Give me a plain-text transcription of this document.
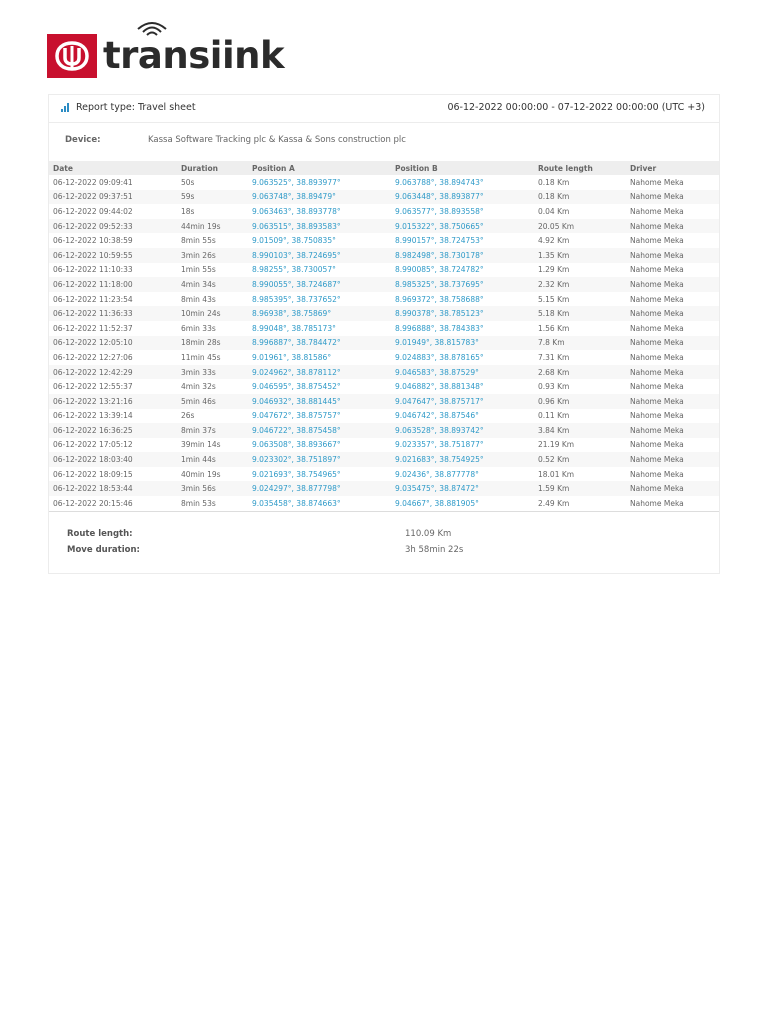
transiink
Report type: Travel sheet	06-12-2022 00:00:00 - 07-12-2022 00:00:00 (UTC +3)
Device:	Kassa Software Tracking plc & Kassa & Sons construction plc
Date	Duration	Position A	Position B	Route length	Driver
06-12-2022 09:09:41	50s	9.063525°, 38.893977°	9.063788°, 38.894743°	0.18 Km	Nahome Meka
06-12-2022 09:37:51	59s	9.063748°, 38.89479°	9.063448°, 38.893877°	0.18 Km	Nahome Meka
06-12-2022 09:44:02	18s	9.063463°, 38.893778°	9.063577°, 38.893558°	0.04 Km	Nahome Meka
06-12-2022 09:52:33	44min 19s	9.063515°, 38.893583°	9.015322°, 38.750665°	20.05 Km	Nahome Meka
06-12-2022 10:38:59	8min 55s	9.01509°, 38.750835°	8.990157°, 38.724753°	4.92 Km	Nahome Meka
06-12-2022 10:59:55	3min 26s	8.990103°, 38.724695°	8.982498°, 38.730178°	1.35 Km	Nahome Meka
06-12-2022 11:10:33	1min 55s	8.98255°, 38.730057°	8.990085°, 38.724782°	1.29 Km	Nahome Meka
06-12-2022 11:18:00	4min 34s	8.990055°, 38.724687°	8.985325°, 38.737695°	2.32 Km	Nahome Meka
06-12-2022 11:23:54	8min 43s	8.985395°, 38.737652°	8.969372°, 38.758688°	5.15 Km	Nahome Meka
06-12-2022 11:36:33	10min 24s	8.96938°, 38.75869°	8.990378°, 38.785123°	5.18 Km	Nahome Meka
06-12-2022 11:52:37	6min 33s	8.99048°, 38.785173°	8.996888°, 38.784383°	1.56 Km	Nahome Meka
06-12-2022 12:05:10	18min 28s	8.996887°, 38.784472°	9.01949°, 38.815783°	7.8 Km	Nahome Meka
06-12-2022 12:27:06	11min 45s	9.01961°, 38.81586°	9.024883°, 38.878165°	7.31 Km	Nahome Meka
06-12-2022 12:42:29	3min 33s	9.024962°, 38.878112°	9.046583°, 38.87529°	2.68 Km	Nahome Meka
06-12-2022 12:55:37	4min 32s	9.046595°, 38.875452°	9.046882°, 38.881348°	0.93 Km	Nahome Meka
06-12-2022 13:21:16	5min 46s	9.046932°, 38.881445°	9.047647°, 38.875717°	0.96 Km	Nahome Meka
06-12-2022 13:39:14	26s	9.047672°, 38.875757°	9.046742°, 38.87546°	0.11 Km	Nahome Meka
06-12-2022 16:36:25	8min 37s	9.046722°, 38.875458°	9.063528°, 38.893742°	3.84 Km	Nahome Meka
06-12-2022 17:05:12	39min 14s	9.063508°, 38.893667°	9.023357°, 38.751877°	21.19 Km	Nahome Meka
06-12-2022 18:03:40	1min 44s	9.023302°, 38.751897°	9.021683°, 38.754925°	0.52 Km	Nahome Meka
06-12-2022 18:09:15	40min 19s	9.021693°, 38.754965°	9.02436°, 38.877778°	18.01 Km	Nahome Meka
06-12-2022 18:53:44	3min 56s	9.024297°, 38.877798°	9.035475°, 38.87472°	1.59 Km	Nahome Meka
06-12-2022 20:15:46	8min 53s	9.035458°, 38.874663°	9.04667°, 38.881905°	2.49 Km	Nahome Meka
Route length:	110.09 Km
Move duration:	3h 58min 22s
